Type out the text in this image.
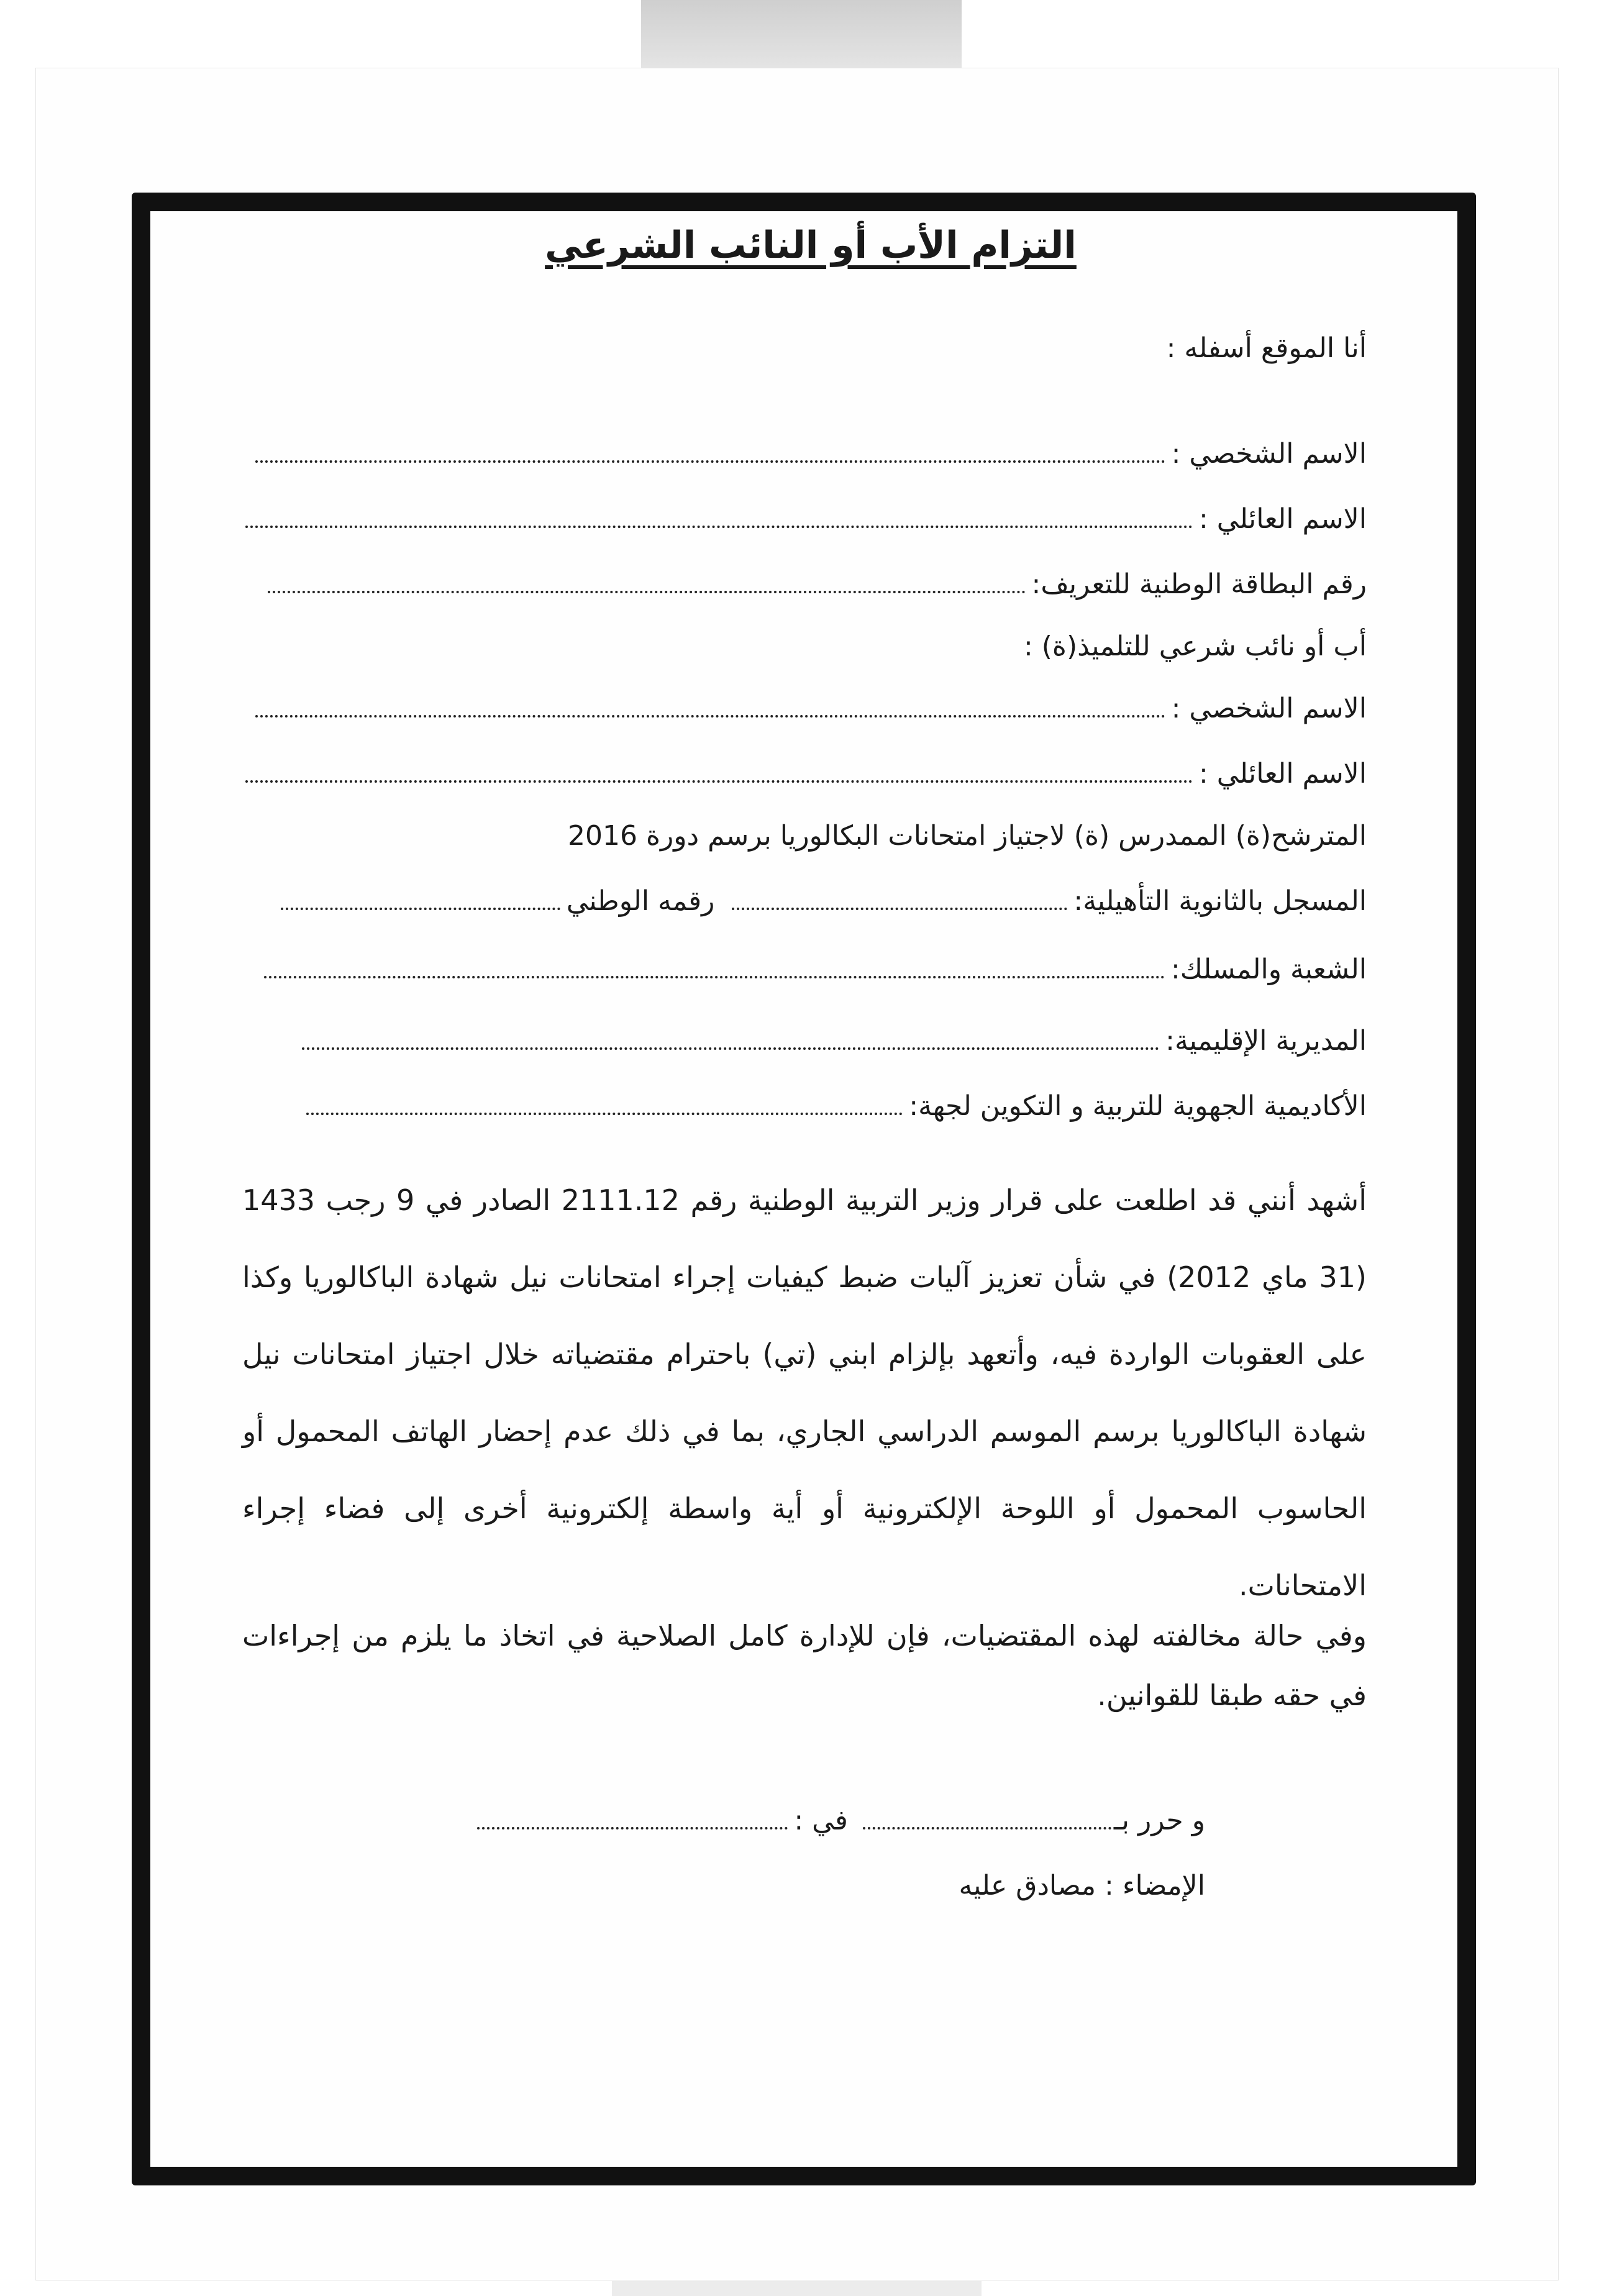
التزام الأب أو النائب الشرعي
أنا الموقع أسفله :
الاسم الشخصي :
الاسم العائلي :
رقم البطاقة الوطنية للتعريف:
أب أو نائب شرعي للتلميذ(ة) :
الاسم الشخصي :
الاسم العائلي :
المترشح(ة) الممدرس (ة) لاجتياز امتحانات البكالوريا برسم دورة 2016
المسجل بالثانوية التأهيلية: رقمه الوطني
الشعبة والمسلك:
المديرية الإقليمية:
الأكاديمية الجهوية للتربية و التكوين لجهة:
أشهد أنني قد اطلعت على قرار وزير التربية الوطنية رقم 2111.12 الصادر في 9 رجب 1433 (31 ماي 2012) في شأن تعزيز آليات ضبط كيفيات إجراء امتحانات نيل شهادة الباكالوريا وكذا على العقوبات الواردة فيه، وأتعهد بإلزام ابني (تي) باحترام مقتضياته خلال اجتياز امتحانات نيل شهادة الباكالوريا برسم الموسم الدراسي الجاري، بما في ذلك عدم إحضار الهاتف المحمول أو الحاسوب المحمول أو اللوحة الإلكترونية أو أية واسطة إلكترونية أخرى إلى فضاء إجراء الامتحانات.
وفي حالة مخالفته لهذه المقتضيات، فإن للإدارة كامل الصلاحية في اتخاذ ما يلزم من إجراءات في حقه طبقا للقوانين.
و حرر بـ في :
الإمضاء : مصادق عليه
